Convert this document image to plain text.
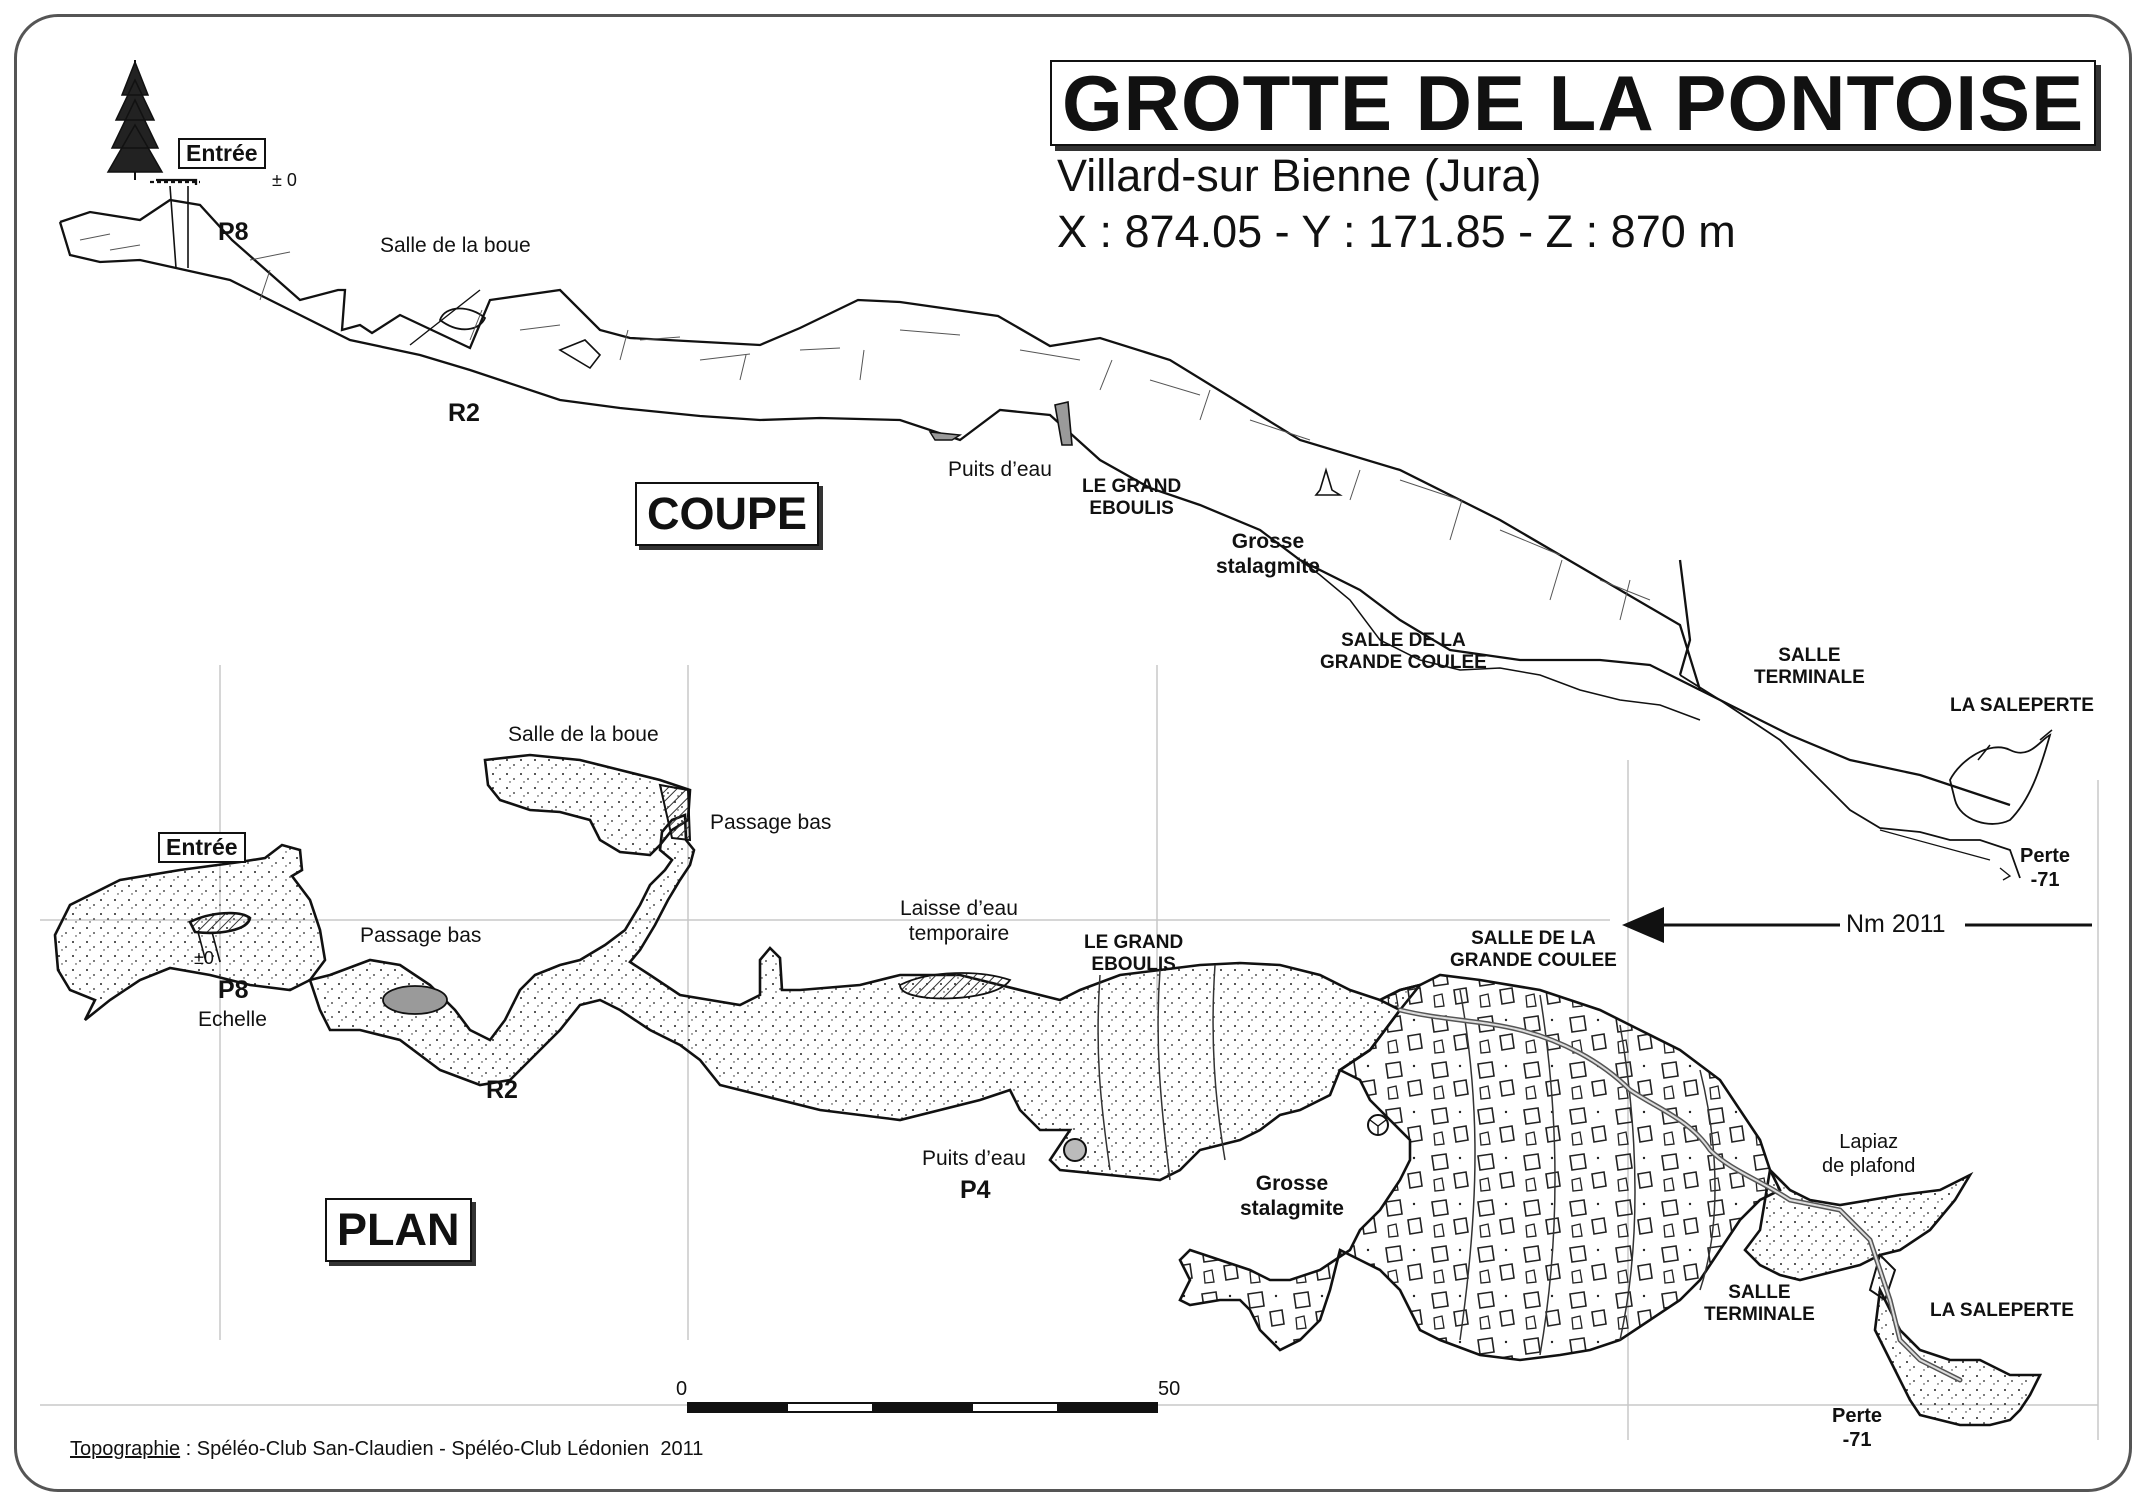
GROTTE DE LA PONTOISE
Villard-sur Bienne (Jura)
X : 874.05 - Y : 171.85 - Z : 870 m
COUPE
Entrée
± 0
P8	Salle de la boue
R2
Puits d’eau
LE GRAND
EBOULIS
Grosse
stalagmite
SALLE DE LA
GRANDE COULEE	SALLE
TERMINALE
LA SALEPERTE
Perte
-71
PLAN
Entrée
±0
P8
Echelle
Passage bas
Salle de la boue
Passage bas
R2
Laisse d’eau
temporaire	LE GRAND
EBOULIS
Puits d’eau
P4	Grosse
stalagmite
SALLE DE LA
GRANDE COULEE
Nm 2011
Lapiaz
de plafond
SALLE
TERMINALE	LA SALEPERTE
Perte
-71
0	50
Topographie : Spéléo-Club San-Claudien - Spéléo-Club Lédonien 2011
